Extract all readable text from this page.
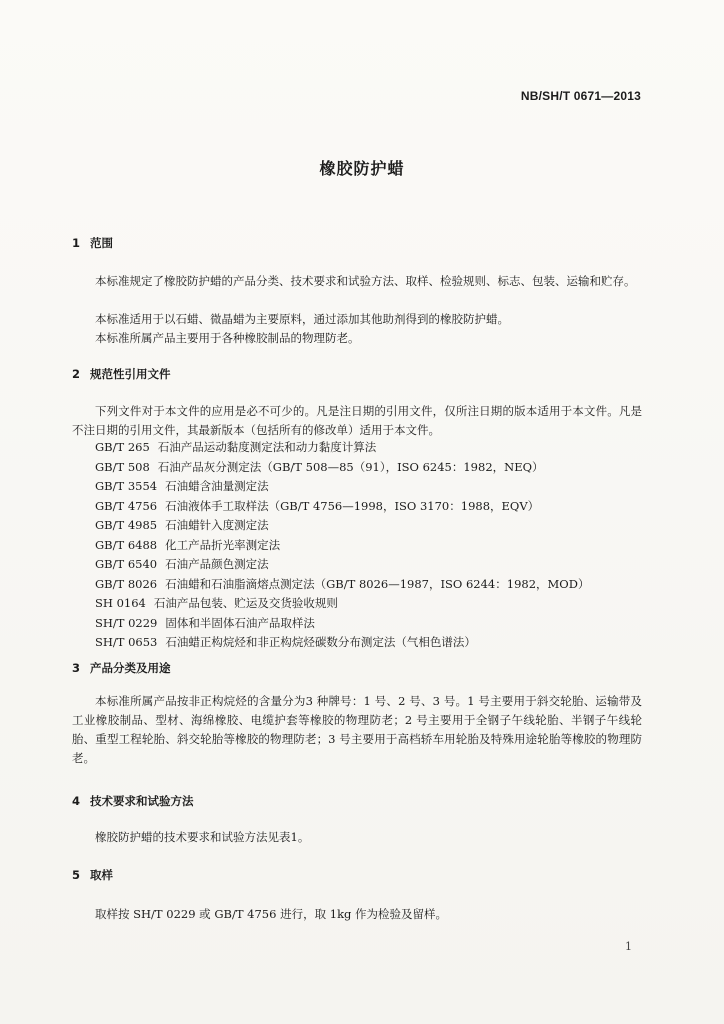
NB/SH/T 0671—2013
橡胶防护蜡
1 范围

本标准规定了橡胶防护蜡的产品分类、技术要求和试验方法、取样、检验规则、标志、包装、运输和贮存。

本标准适用于以石蜡、微晶蜡为主要原料，通过添加其他助剂得到的橡胶防护蜡。

本标准所属产品主要用于各种橡胶制品的物理防老。

2 规范性引用文件

下列文件对于本文件的应用是必不可少的。凡是注日期的引用文件，仅所注日期的版本适用于本文件。凡是不注日期的引用文件，其最新版本（包括所有的修改单）适用于本文件。

GB/T 265 石油产品运动黏度测定法和动力黏度计算法
GB/T 508 石油产品灰分测定法（GB/T 508—85（91），ISO 6245：1982，NEQ）
GB/T 3554 石油蜡含油量测定法
GB/T 4756 石油液体手工取样法（GB/T 4756—1998，ISO 3170：1988，EQV）
GB/T 4985 石油蜡针入度测定法
GB/T 6488 化工产品折光率测定法
GB/T 6540 石油产品颜色测定法
GB/T 8026 石油蜡和石油脂滴熔点测定法（GB/T 8026—1987，ISO 6244：1982，MOD）
SH 0164 石油产品包装、贮运及交货验收规则
SH/T 0229 固体和半固体石油产品取样法
SH/T 0653 石油蜡正构烷烃和非正构烷烃碳数分布测定法（气相色谱法）
3 产品分类及用途

本标准所属产品按非正构烷烃的含量分为3 种牌号：1 号、2 号、3 号。1 号主要用于斜交轮胎、运输带及工业橡胶制品、型材、海绵橡胶、电缆护套等橡胶的物理防老；2 号主要用于全钢子午线轮胎、半钢子午线轮胎、重型工程轮胎、斜交轮胎等橡胶的物理防老；3 号主要用于高档轿车用轮胎及特殊用途轮胎等橡胶的物理防老。

4 技术要求和试验方法

橡胶防护蜡的技术要求和试验方法见表1。

5 取样

取样按 SH/T 0229 或 GB/T 4756 进行，取 1kg 作为检验及留样。

1
